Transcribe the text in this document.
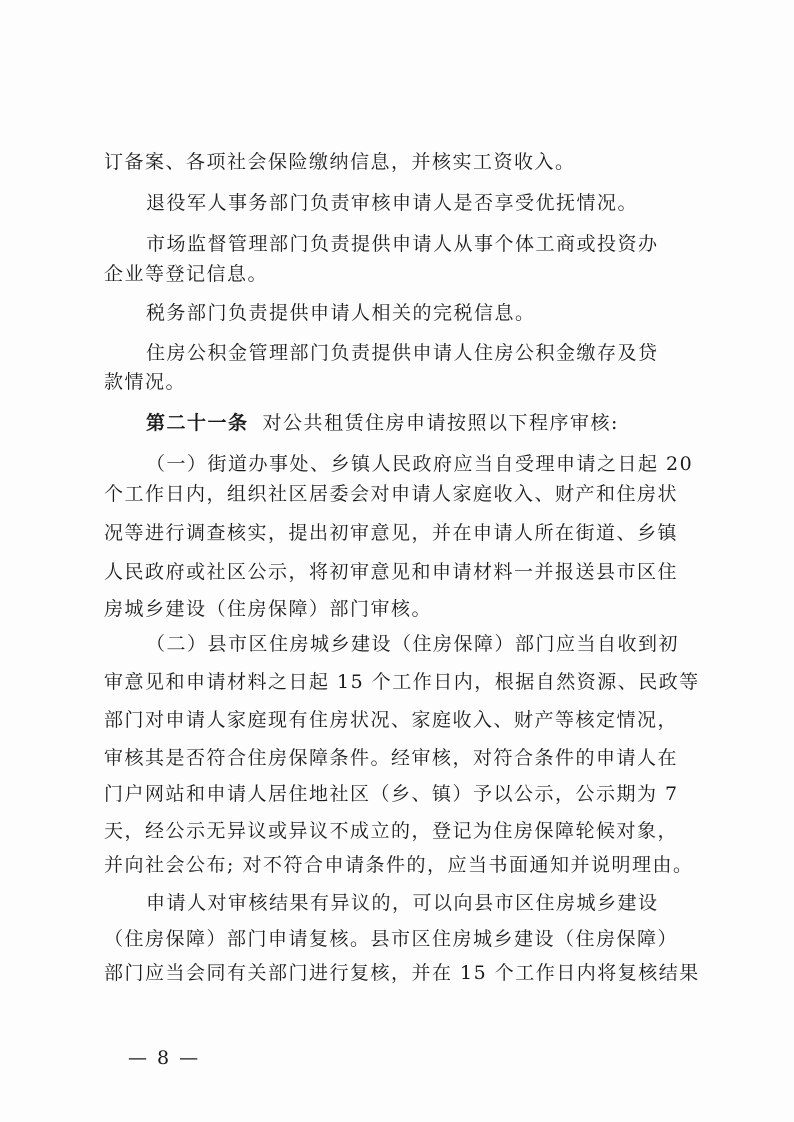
订备案、各项社会保险缴纳信息，并核实工资收入。
退役军人事务部门负责审核申请人是否享受优抚情况。
市场监督管理部门负责提供申请人从事个体工商或投资办
企业等登记信息。
税务部门负责提供申请人相关的完税信息。
住房公积金管理部门负责提供申请人住房公积金缴存及贷
款情况。
第二十一条 对公共租赁住房申请按照以下程序审核:
（一）街道办事处、乡镇人民政府应当自受理申请之日起 20
个工作日内，组织社区居委会对申请人家庭收入、财产和住房状
况等进行调查核实，提出初审意见，并在申请人所在街道、乡镇
人民政府或社区公示，将初审意见和申请材料一并报送县市区住
房城乡建设（住房保障）部门审核。
（二）县市区住房城乡建设（住房保障）部门应当自收到初
审意见和申请材料之日起 15 个工作日内，根据自然资源、民政等
部门对申请人家庭现有住房状况、家庭收入、财产等核定情况，
审核其是否符合住房保障条件。经审核，对符合条件的申请人在
门户网站和申请人居住地社区（乡、镇）予以公示，公示期为 7
天，经公示无异议或异议不成立的，登记为住房保障轮候对象，
并向社会公布; 对不符合申请条件的，应当书面通知并说明理由。
申请人对审核结果有异议的，可以向县市区住房城乡建设
（住房保障）部门申请复核。县市区住房城乡建设（住房保障）
部门应当会同有关部门进行复核，并在 15 个工作日内将复核结果
— 8 —
